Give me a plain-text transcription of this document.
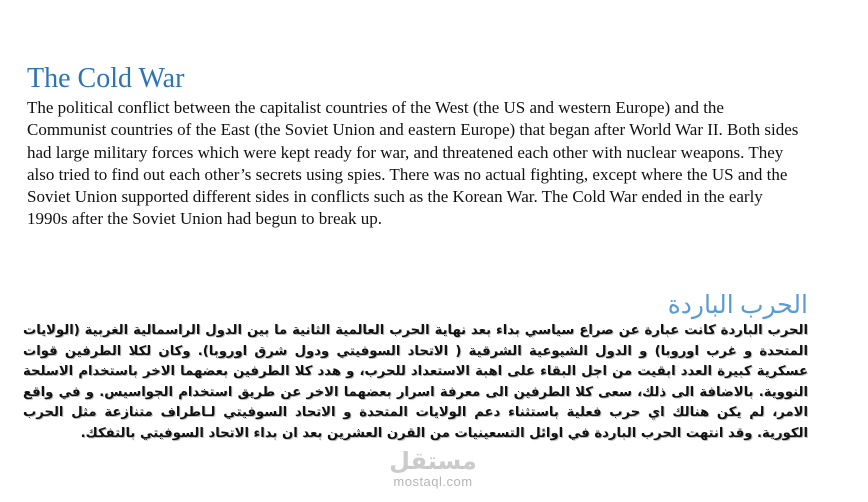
The Cold War

The political conflict between the capitalist countries of the West (the US and western Europe) and the Communist countries of the East (the Soviet Union and eastern Europe) that began after World War II. Both sides had large military forces which were kept ready for war, and threatened each other with nuclear weapons. They also tried to find out each other’s secrets using spies. There was no actual fighting, except where the US and the Soviet Union supported different sides in conflicts such as the Korean War. The Cold War ended in the early 1990s after the Soviet Union had begun to break up.

الحرب الباردة

الحرب الباردة كانت عبارة عن صراع سياسي بداء بعد نهاية الحرب العالمية الثانية ما بين الدول الراسمالية الغربية (الولايات المتحدة و غرب اوروبا) و الدول الشيوعية الشرقية ( الاتحاد السوفيتي ودول شرق اوروبا). وكان لكلا الطرفين قوات عسكرية كبيرة العدد ابقيت من اجل البقاء على اهبة الاستعداد للحرب، و هدد كلا الطرفين بعضهما الاخر باستخدام الاسلحة النووية. بالاضافة الى ذلك، سعى كلا الطرفين الى معرفة اسرار بعضهما الاخر عن طريق استخدام الجواسيس. و في واقع الامر، لم يكن هنالك اي حرب فعلية باستثناء دعم الولايات المتحدة و الاتحاد السوفيتي لـاطراف متنازعة مثل الحرب الكورية. وقد انتهت الحرب الباردة في اوائل التسعينيات من القرن العشرين بعد ان بداء الاتحاد السوفيتي بالتفكك.

مستقل
mostaql.com
